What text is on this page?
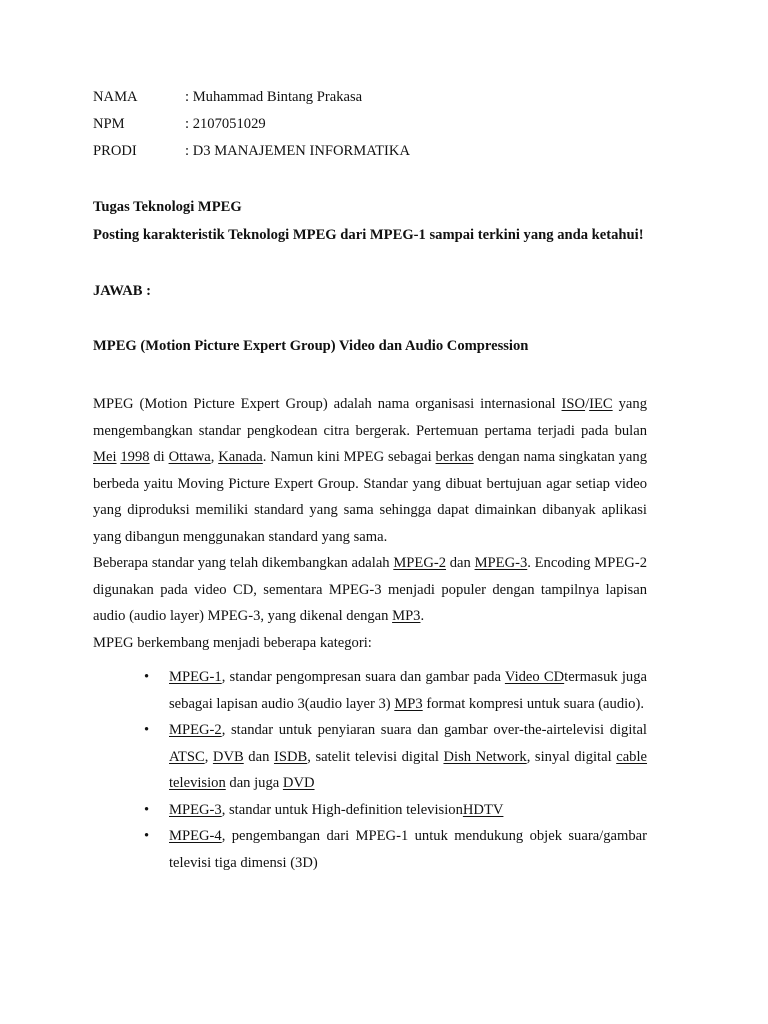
NAMA	: Muhammad Bintang Prakasa
NPM	: 2107051029
PRODI	: D3 MANAJEMEN INFORMATIKA
Tugas Teknologi MPEG
Posting karakteristik Teknologi MPEG dari MPEG-1 sampai terkini yang anda ketahui!
JAWAB :
MPEG (Motion Picture Expert Group) Video dan Audio Compression

MPEG (Motion Picture Expert Group) adalah nama organisasi internasional ISO/IEC yang mengembangkan standar pengkodean citra bergerak. Pertemuan pertama terjadi pada bulan Mei 1998 di Ottawa, Kanada. Namun kini MPEG sebagai berkas dengan nama singkatan yang berbeda yaitu Moving Picture Expert Group. Standar yang dibuat bertujuan agar setiap video yang diproduksi memiliki standard yang sama sehingga dapat dimainkan dibanyak aplikasi yang dibangun menggunakan standard yang sama.

Beberapa standar yang telah dikembangkan adalah MPEG-2 dan MPEG-3. Encoding MPEG-2 digunakan pada video CD, sementara MPEG-3 menjadi populer dengan tampilnya lapisan audio (audio layer) MPEG-3, yang dikenal dengan MP3.

MPEG berkembang menjadi beberapa kategori:

• MPEG-1, standar pengompresan suara dan gambar pada Video CDtermasuk juga sebagai lapisan audio 3(audio layer 3) MP3 format kompresi untuk suara (audio).
• MPEG-2, standar untuk penyiaran suara dan gambar over-the-airtelevisi digital ATSC, DVB dan ISDB, satelit televisi digital Dish Network, sinyal digital cable television dan juga DVD
• MPEG-3, standar untuk High-definition televisionHDTV
• MPEG-4, pengembangan dari MPEG-1 untuk mendukung objek suara/gambar televisi tiga dimensi (3D)
